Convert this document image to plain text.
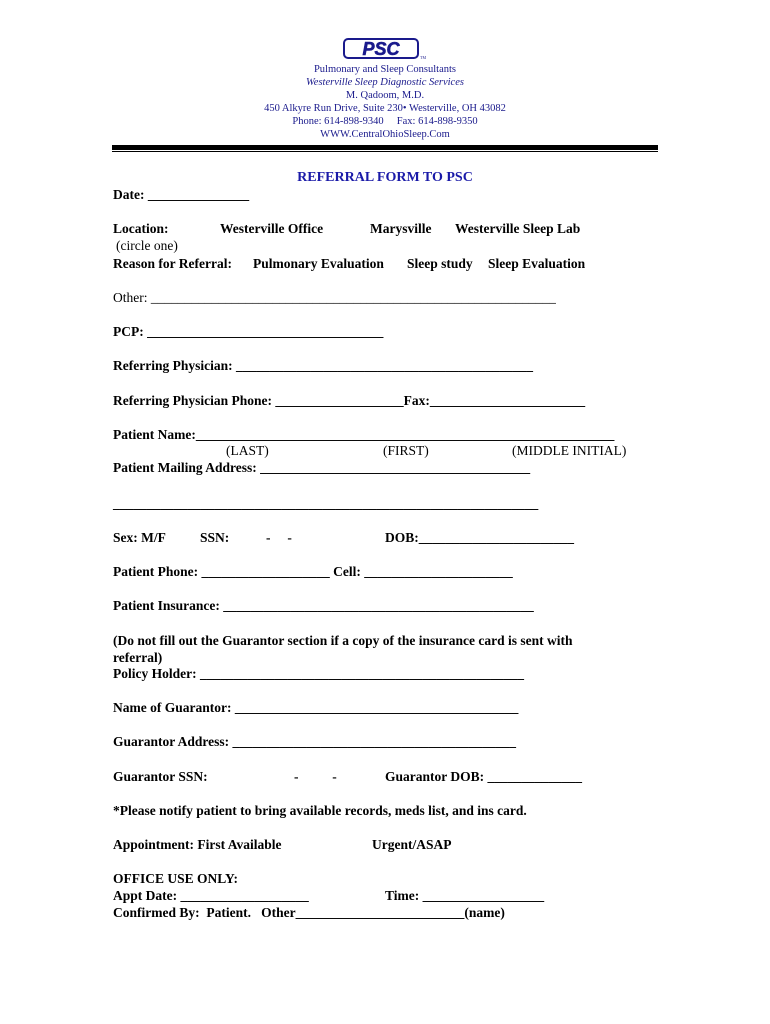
PSC	TM
Pulmonary and Sleep Consultants
Westerville Sleep Diagnostic Services
M. Qadoom, M.D.
450 Alkyre Run Drive, Suite 230• Westerville, OH 43082
Phone: 614-898-9340     Fax: 614-898-9350
WWW.CentralOhioSleep.Com
REFERRAL FORM TO PSC
Date: _______________
Location:	Westerville Office	Marysville Westerville Sleep Lab
(circle one)
Reason for Referral: Pulmonary Evaluation Sleep study Sleep Evaluation
Other: ____________________________________________________________
PCP: ___________________________________
Referring Physician: ____________________________________________
Referring Physician Phone: ___________________Fax:_______________________
Patient Name:______________________________________________________________
(LAST)	(FIRST)	(MIDDLE INITIAL)
Patient Mailing Address: ________________________________________
_______________________________________________________________
Sex: M/F	SSN:	-     -	DOB:_______________________
Patient Phone: ___________________ Cell: ______________________
Patient Insurance: ______________________________________________
(Do not fill out the Guarantor section if a copy of the insurance card is sent with
referral)
Policy Holder: ________________________________________________
Name of Guarantor: __________________________________________
Guarantor Address: __________________________________________
Guarantor SSN:	-          -	Guarantor DOB: ______________
*Please notify patient to bring available records, meds list, and ins card.
Appointment: First Available	Urgent/ASAP
OFFICE USE ONLY:
Appt Date: ___________________	Time: __________________
Confirmed By:  Patient.   Other_________________________(name)
